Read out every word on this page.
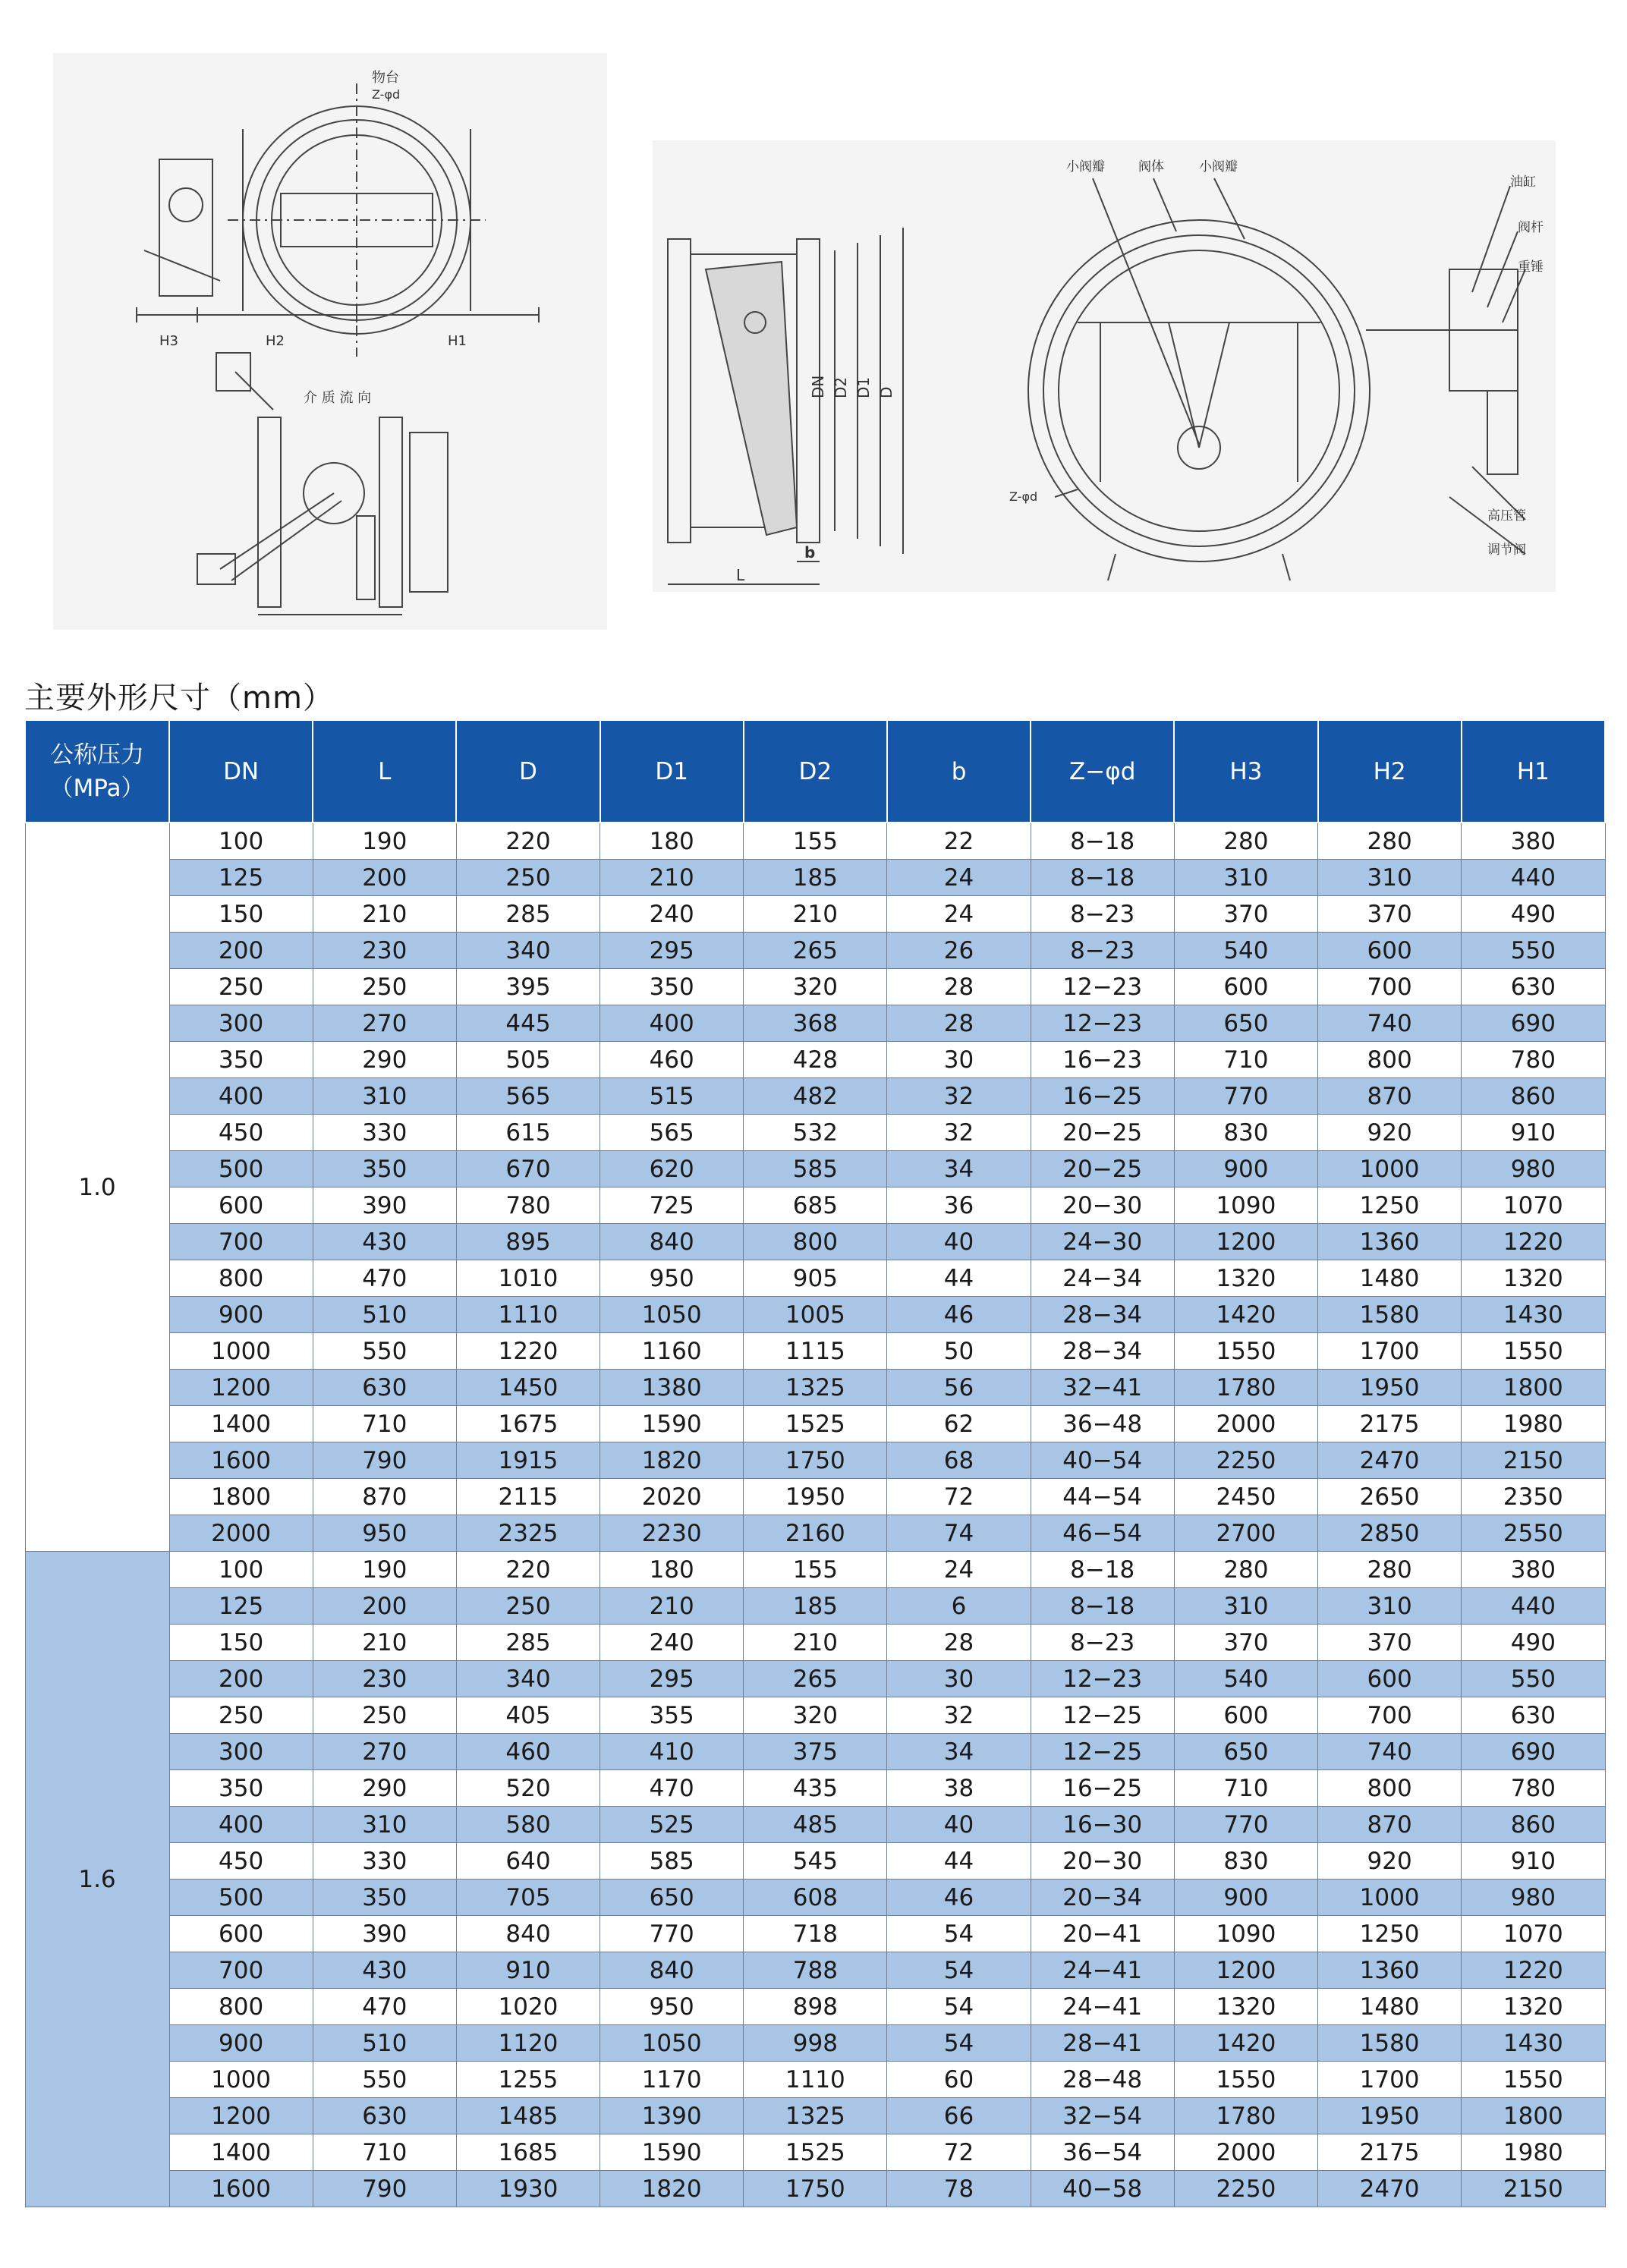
物台
Z-φd
H3	H2	H1
介 质 流 向	DN D2 D1 D
b
L
Z-φd
小阀瓣	阀体	小阀瓣
油缸
阀杆
重锤
高压管
调节阀
主要外形尺寸（mm）
公称压力
（MPa）	DN	L	D	D1	D2	b	Z−φd	H3	H2	H1
1.0	100	190	220	180	155	22	8−18	280	280	380
	125	200	250	210	185	24	8−18	310	310	440
	150	210	285	240	210	24	8−23	370	370	490
	200	230	340	295	265	26	8−23	540	600	550
	250	250	395	350	320	28	12−23	600	700	630
	300	270	445	400	368	28	12−23	650	740	690
	350	290	505	460	428	30	16−23	710	800	780
	400	310	565	515	482	32	16−25	770	870	860
	450	330	615	565	532	32	20−25	830	920	910
	500	350	670	620	585	34	20−25	900	1000	980
	600	390	780	725	685	36	20−30	1090	1250	1070
	700	430	895	840	800	40	24−30	1200	1360	1220
	800	470	1010	950	905	44	24−34	1320	1480	1320
	900	510	1110	1050	1005	46	28−34	1420	1580	1430
	1000	550	1220	1160	1115	50	28−34	1550	1700	1550
	1200	630	1450	1380	1325	56	32−41	1780	1950	1800
	1400	710	1675	1590	1525	62	36−48	2000	2175	1980
	1600	790	1915	1820	1750	68	40−54	2250	2470	2150
	1800	870	2115	2020	1950	72	44−54	2450	2650	2350
	2000	950	2325	2230	2160	74	46−54	2700	2850	2550
1.6	100	190	220	180	155	24	8−18	280	280	380
	125	200	250	210	185	6	8−18	310	310	440
	150	210	285	240	210	28	8−23	370	370	490
	200	230	340	295	265	30	12−23	540	600	550
	250	250	405	355	320	32	12−25	600	700	630
	300	270	460	410	375	34	12−25	650	740	690
	350	290	520	470	435	38	16−25	710	800	780
	400	310	580	525	485	40	16−30	770	870	860
	450	330	640	585	545	44	20−30	830	920	910
	500	350	705	650	608	46	20−34	900	1000	980
	600	390	840	770	718	54	20−41	1090	1250	1070
	700	430	910	840	788	54	24−41	1200	1360	1220
	800	470	1020	950	898	54	24−41	1320	1480	1320
	900	510	1120	1050	998	54	28−41	1420	1580	1430
	1000	550	1255	1170	1110	60	28−48	1550	1700	1550
	1200	630	1485	1390	1325	66	32−54	1780	1950	1800
	1400	710	1685	1590	1525	72	36−54	2000	2175	1980
	1600	790	1930	1820	1750	78	40−58	2250	2470	2150
